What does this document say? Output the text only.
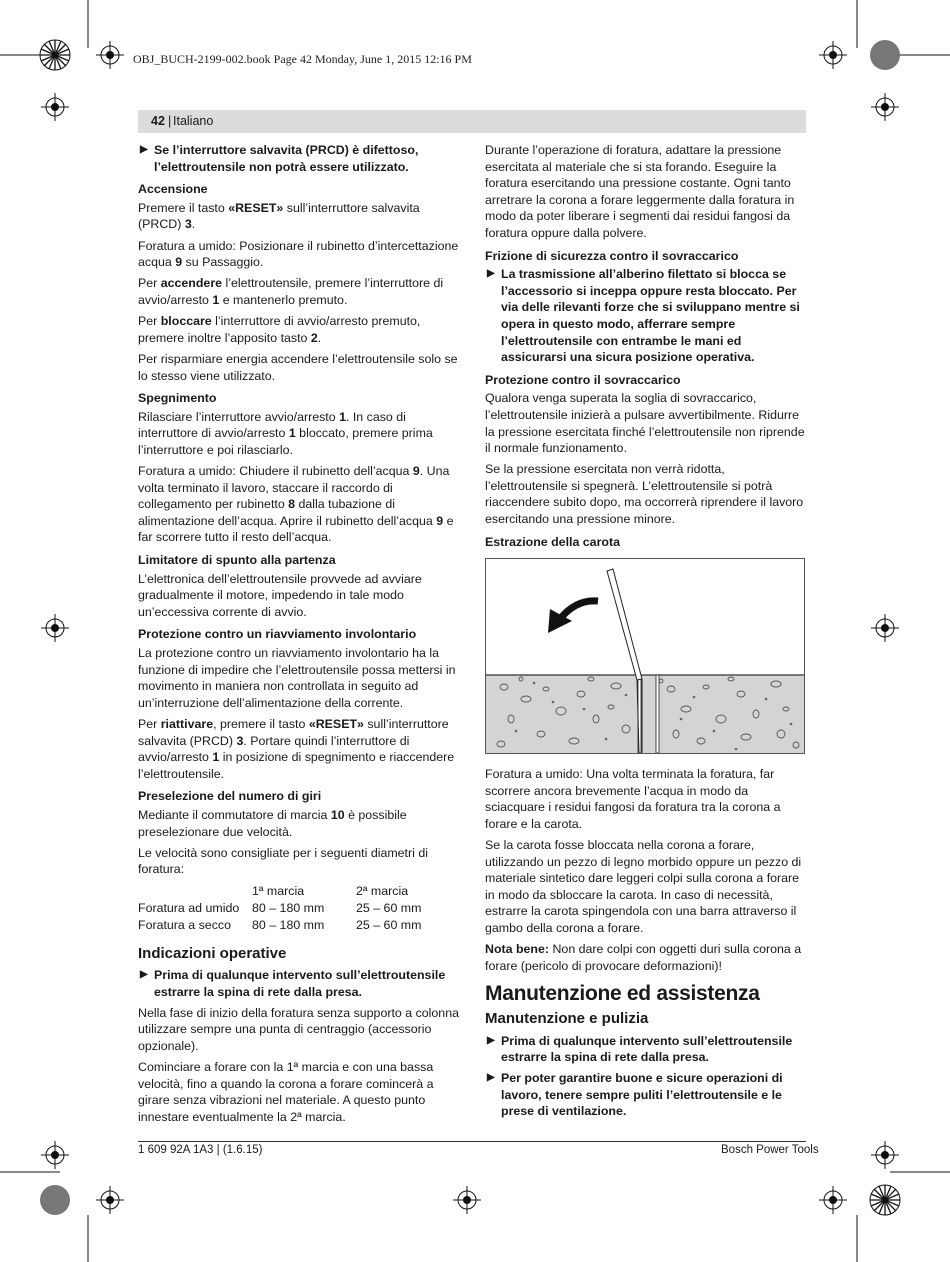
OBJ_BUCH-2199-002.book Page 42 Monday, June 1, 2015 12:16 PM
42 | Italiano
▶ Se l’interruttore salvavita (PRCD) è difettoso, l’elettroutensile non potrà essere utilizzato.
Accensione

Premere il tasto «RESET» sull’interruttore salvavita (PRCD) 3.

Foratura a umido: Posizionare il rubinetto d’intercettazione acqua 9 su Passaggio.

Per accendere l’elettroutensile, premere l’interruttore di avvio/arresto 1 e mantenerlo premuto.

Per bloccare l’interruttore di avvio/arresto premuto, premere inoltre l’apposito tasto 2.

Per risparmiare energia accendere l’elettroutensile solo se lo stesso viene utilizzato.

Spegnimento

Rilasciare l’interruttore avvio/arresto 1. In caso di interruttore di avvio/arresto 1 bloccato, premere prima l’interruttore e poi rilasciarlo.

Foratura a umido: Chiudere il rubinetto dell’acqua 9. Una volta terminato il lavoro, staccare il raccordo di collegamento per rubinetto 8 dalla tubazione di alimentazione dell’acqua. Aprire il rubinetto dell’acqua 9 e far scorrere tutto il resto dell’acqua.

Limitatore di spunto alla partenza

L’elettronica dell’elettroutensile provvede ad avviare gradualmente il motore, impedendo in tale modo un’eccessiva corrente di avvio.

Protezione contro un riavviamento involontario

La protezione contro un riavviamento involontario ha la funzione di impedire che l’elettroutensile possa mettersi in movimento in maniera non controllata in seguito ad un’interruzione dell’alimentazione della corrente.

Per riattivare, premere il tasto «RESET» sull’interruttore salvavita (PRCD) 3. Portare quindi l’interruttore di avvio/arresto 1 in posizione di spegnimento e riaccendere l’elettroutensile.

Preselezione del numero di giri

Mediante il commutatore di marcia 10 è possibile preselezionare due velocità.

Le velocità sono consigliate per i seguenti diametri di foratura:

	1ª marcia	2ª marcia
Foratura ad umido	80 – 180 mm	25 – 60 mm
Foratura a secco	80 – 180 mm	25 – 60 mm
Indicazioni operative
▶ Prima di qualunque intervento sull’elettroutensile estrarre la spina di rete dalla presa.

Nella fase di inizio della foratura senza supporto a colonna utilizzare sempre una punta di centraggio (accessorio opzionale).

Cominciare a forare con la 1ª marcia e con una bassa velocità, fino a quando la corona a forare comincerà a girare senza vibrazioni nel materiale. A questo punto innestare eventualmente la 2ª marcia.

Durante l’operazione di foratura, adattare la pressione esercitata al materiale che si sta forando. Eseguire la foratura esercitando una pressione costante. Ogni tanto arretrare la corona a forare leggermente dalla foratura in modo da poter liberare i segmenti dai residui fangosi da foratura oppure dalla polvere.

Frizione di sicurezza contro il sovraccarico
▶ La trasmissione all’alberino filettato si blocca se l’accessorio si inceppa oppure resta bloccato. Per via delle rilevanti forze che si sviluppano mentre si opera in questo modo, afferrare sempre l’elettroutensile con entrambe le mani ed assicurarsi una sicura posizione operativa.
Protezione contro il sovraccarico

Qualora venga superata la soglia di sovraccarico, l’elettroutensile inizierà a pulsare avvertibilmente. Ridurre la pressione esercitata finché l’elettroutensile non riprende il normale funzionamento.

Se la pressione esercitata non verrà ridotta, l’elettroutensile si spegnerà. L’elettroutensile si potrà riaccendere subito dopo, ma occorrerà riprendere il lavoro esercitando una pressione minore.

Estrazione della carota

Foratura a umido: Una volta terminata la foratura, far scorrere ancora brevemente l’acqua in modo da sciacquare i residui fangosi da foratura tra la corona a forare e la carota.

Se la carota fosse bloccata nella corona a forare, utilizzando un pezzo di legno morbido oppure un pezzo di materiale sintetico dare leggeri colpi sulla corona a forare in modo da sbloccare la carota. In caso di necessità, estrarre la carota spingendola con una barra attraverso il gambo della corona a forare.

Nota bene: Non dare colpi con oggetti duri sulla corona a forare (pericolo di provocare deformazioni)!

Manutenzione ed assistenza
Manutenzione e pulizia
▶ Prima di qualunque intervento sull’elettroutensile estrarre la spina di rete dalla presa.
▶ Per poter garantire buone e sicure operazioni di lavoro, tenere sempre puliti l’elettroutensile e le prese di ventilazione.
1 609 92A 1A3 | (1.6.15)	Bosch Power Tools
